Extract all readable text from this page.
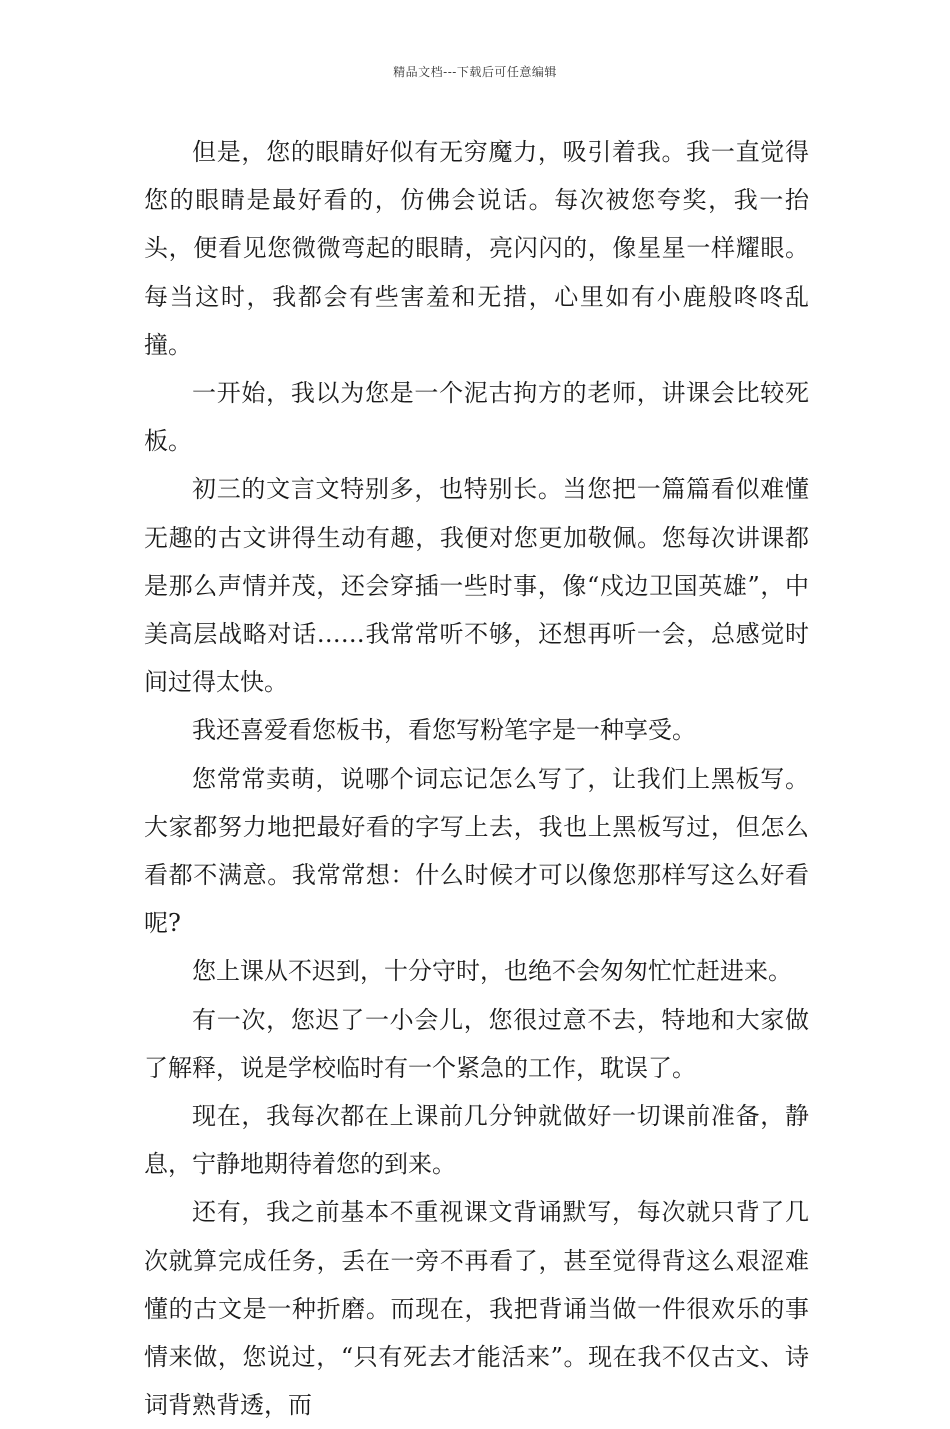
精品文档---下载后可任意编辑

但是，您的眼睛好似有无穷魔力，吸引着我。我一直觉得您的眼睛是最好看的，仿佛会说话。每次被您夸奖，我一抬头，便看见您微微弯起的眼睛，亮闪闪的，像星星一样耀眼。每当这时，我都会有些害羞和无措，心里如有小鹿般咚咚乱撞。

一开始，我以为您是一个泥古拘方的老师，讲课会比较死板。

初三的文言文特别多，也特别长。当您把一篇篇看似难懂无趣的古文讲得生动有趣，我便对您更加敬佩。您每次讲课都是那么声情并茂，还会穿插一些时事，像“戍边卫国英雄”，中美高层战略对话……我常常听不够，还想再听一会，总感觉时间过得太快。

我还喜爱看您板书，看您写粉笔字是一种享受。

您常常卖萌，说哪个词忘记怎么写了，让我们上黑板写。大家都努力地把最好看的字写上去，我也上黑板写过，但怎么看都不满意。我常常想：什么时候才可以像您那样写这么好看呢?

您上课从不迟到，十分守时，也绝不会匆匆忙忙赶进来。

有一次，您迟了一小会儿，您很过意不去，特地和大家做了解释，说是学校临时有一个紧急的工作，耽误了。

现在，我每次都在上课前几分钟就做好一切课前准备，静息，宁静地期待着您的到来。

还有，我之前基本不重视课文背诵默写，每次就只背了几次就算完成任务，丢在一旁不再看了，甚至觉得背这么艰涩难懂的古文是一种折磨。而现在，我把背诵当做一件很欢乐的事情来做，您说过，“只有死去才能活来”。现在我不仅古文、诗词背熟背透，而
